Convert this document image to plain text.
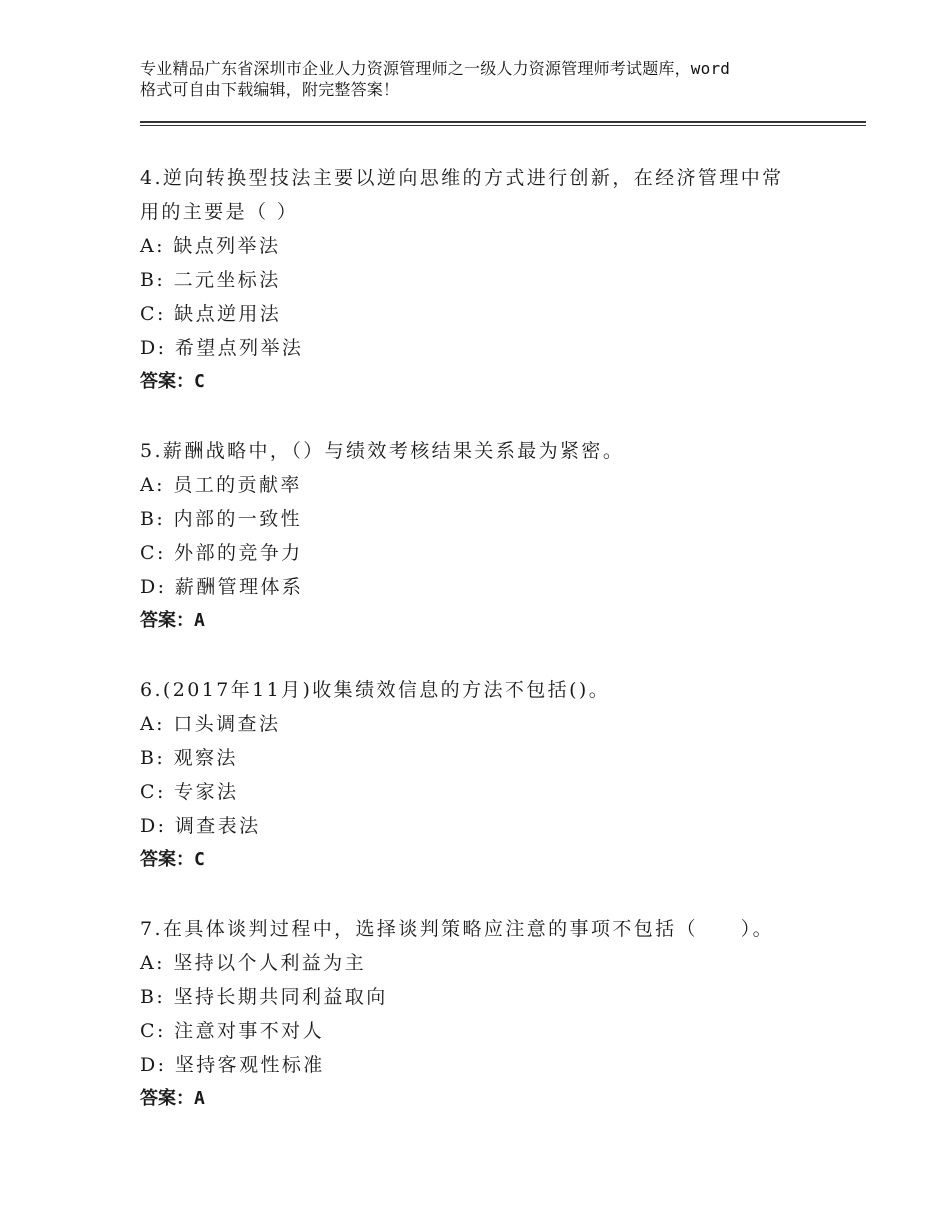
专业精品广东省深圳市企业人力资源管理师之一级人力资源管理师考试题库，word
格式可自由下载编辑，附完整答案！
4.逆向转换型技法主要以逆向思维的方式进行创新，在经济管理中常
用的主要是（ ）
A: 缺点列举法
B: 二元坐标法
C: 缺点逆用法
D: 希望点列举法
答案：C
5.薪酬战略中，（）与绩效考核结果关系最为紧密。
A: 员工的贡献率
B: 内部的一致性
C: 外部的竞争力
D: 薪酬管理体系
答案：A
6.(2017年11月)收集绩效信息的方法不包括()。
A: 口头调查法
B: 观察法
C: 专家法
D: 调查表法
答案：C
7.在具体谈判过程中，选择谈判策略应注意的事项不包括（　　）。
A: 坚持以个人利益为主
B: 坚持长期共同利益取向
C: 注意对事不对人
D: 坚持客观性标准
答案：A
